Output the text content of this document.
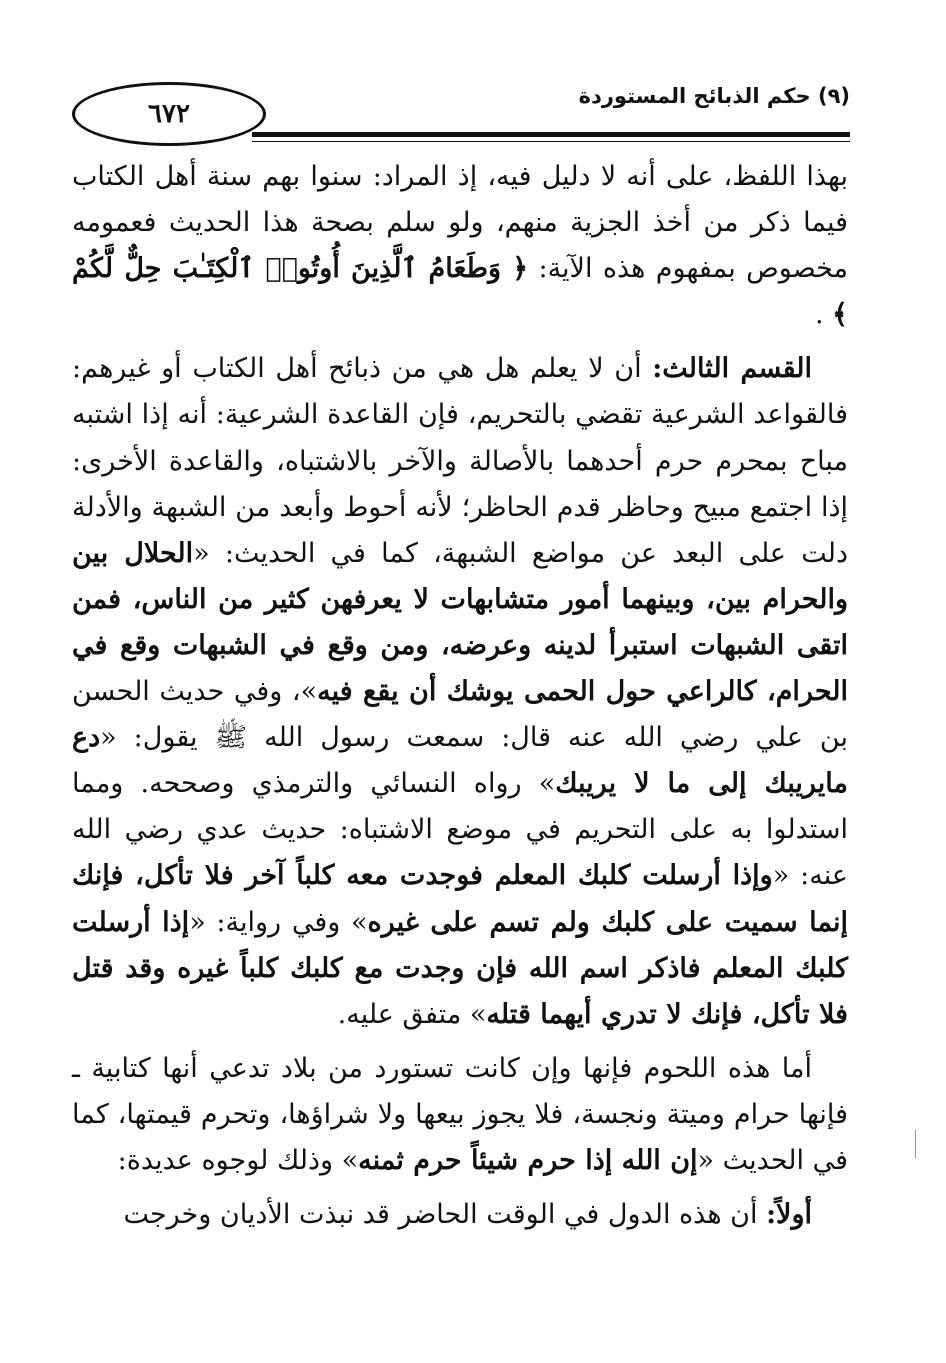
٦٧٢
(٩) حكم الذبائح المستوردة

بهذا اللفظ، على أنه لا دليل فيه، إذ المراد: سنوا بهم سنة أهل الكتاب فيما ذكر من أخذ الجزية منهم، ولو سلم بصحة هذا الحديث فعمومه مخصوص بمفهوم هذه الآية: ﴿ وَطَعَامُ ٱلَّذِينَ أُوتُوا۟ ٱلْكِتَـٰبَ حِلٌّ لَّكُمْ ﴾ .

القسم الثالث: أن لا يعلم هل هي من ذبائح أهل الكتاب أو غيرهم: فالقواعد الشرعية تقضي بالتحريم، فإن القاعدة الشرعية: أنه إذا اشتبه مباح بمحرم حرم أحدهما بالأصالة والآخر بالاشتباه، والقاعدة الأخرى: إذا اجتمع مبيح وحاظر قدم الحاظر؛ لأنه أحوط وأبعد من الشبهة والأدلة دلت على البعد عن مواضع الشبهة، كما في الحديث: «الحلال بين والحرام بين، وبينهما أمور متشابهات لا يعرفهن كثير من الناس، فمن اتقى الشبهات استبرأ لدينه وعرضه، ومن وقع في الشبهات وقع في الحرام، كالراعي حول الحمى يوشك أن يقع فيه»، وفي حديث الحسن بن علي رضي الله عنه قال: سمعت رسول الله ﷺ يقول: «دع مايريبك إلى ما لا يريبك» رواه النسائي والترمذي وصححه. ومما استدلوا به على التحريم في موضع الاشتباه: حديث عدي رضي الله عنه: «وإذا أرسلت كلبك المعلم فوجدت معه كلباً آخر فلا تأكل، فإنك إنما سميت على كلبك ولم تسم على غيره» وفي رواية: «إذا أرسلت كلبك المعلم فاذكر اسم الله فإن وجدت مع كلبك كلباً غيره وقد قتل فلا تأكل، فإنك لا تدري أيهما قتله» متفق عليه.

أما هذه اللحوم فإنها وإن كانت تستورد من بلاد تدعي أنها كتابية ـ فإنها حرام وميتة ونجسة، فلا يجوز بيعها ولا شراؤها، وتحرم قيمتها، كما في الحديث «إن الله إذا حرم شيئاً حرم ثمنه» وذلك لوجوه عديدة:

أولاً: أن هذه الدول في الوقت الحاضر قد نبذت الأديان وخرجت
